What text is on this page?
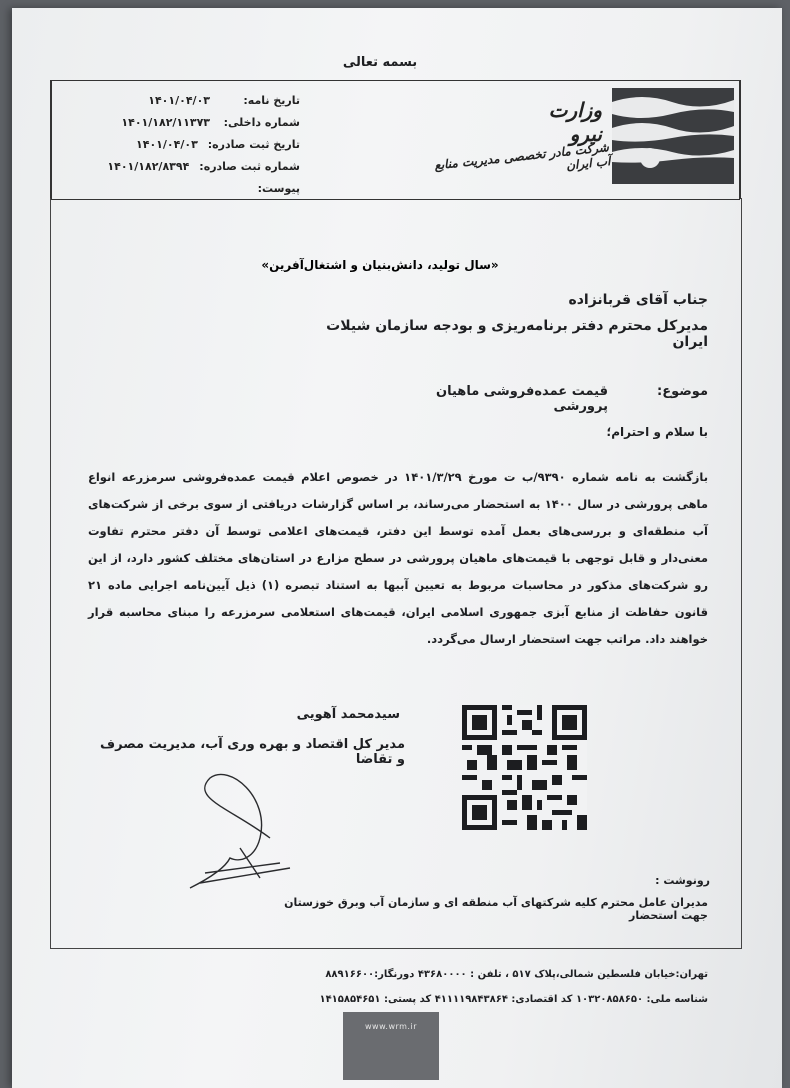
بسمه تعالی
تاریخ نامه:۱۴۰۱/۰۴/۰۳
شماره داخلی:۱۴۰۱/۱۸۲/۱۱۳۷۳
تاریخ ثبت صادره:۱۴۰۱/۰۴/۰۳
شماره ثبت صادره:۱۴۰۱/۱۸۲/۸۳۹۴
پیوست:
وزارت نیرو
شرکت مادر تخصصی مدیریت منابع آب ایران
«سال تولید، دانش‌بنیان و اشتغال‌آفرین»
جناب آقای قربانزاده
مدیرکل محترم دفتر برنامه‌ریزی و بودجه سازمان شیلات ایران
موضوع:
قیمت عمده‌فروشی ماهیان پرورشی
با سلام و احترام؛
بازگشت به نامه شماره ۹۳۹۰/ب ت مورخ ۱۴۰۱/۳/۲۹ در خصوص اعلام قیمت عمده‌فروشی سرمزرعه انواع ماهی پرورشی در سال ۱۴۰۰ به استحضار می‌رساند، بر اساس گزارشات دریافتی از سوی برخی از شرکت‌های آب منطقه‌ای و بررسی‌های بعمل آمده توسط این دفتر، قیمت‌های اعلامی توسط آن دفتر محترم تفاوت معنی‌دار و قابل توجهی با قیمت‌های ماهیان پرورشی در سطح مزارع در استان‌های مختلف کشور دارد، از این رو شرکت‌های مذکور در محاسبات مربوط به تعیین آببها به استناد تبصره (۱) ذیل آیین‌نامه اجرایی ماده ۲۱ قانون حفاظت از منابع آبزی جمهوری اسلامی ایران، قیمت‌های استعلامی سرمزرعه را مبنای محاسبه قرار خواهند داد. مراتب جهت استحضار ارسال می‌گردد.
سیدمحمد آهویی
مدیر کل اقتصاد و بهره وری آب، مدیریت مصرف و تقاضا
رونوشت :
مدیران عامل محترم کلیه شرکتهای آب منطقه ای و سازمان آب وبرق خوزستان جهت استحضار
تهران:خیابان فلسطین شمالی،پلاک ۵۱۷ ، تلفن : ۴۳۶۸۰۰۰۰ دورنگار:۸۸۹۱۶۶۰۰
شناسه ملی: ۱۰۳۲۰۸۵۸۶۵۰ کد اقتصادی: ۴۱۱۱۱۹۸۴۳۸۶۴ کد پستی: ۱۴۱۵۸۵۴۶۵۱
www.wrm.ir
